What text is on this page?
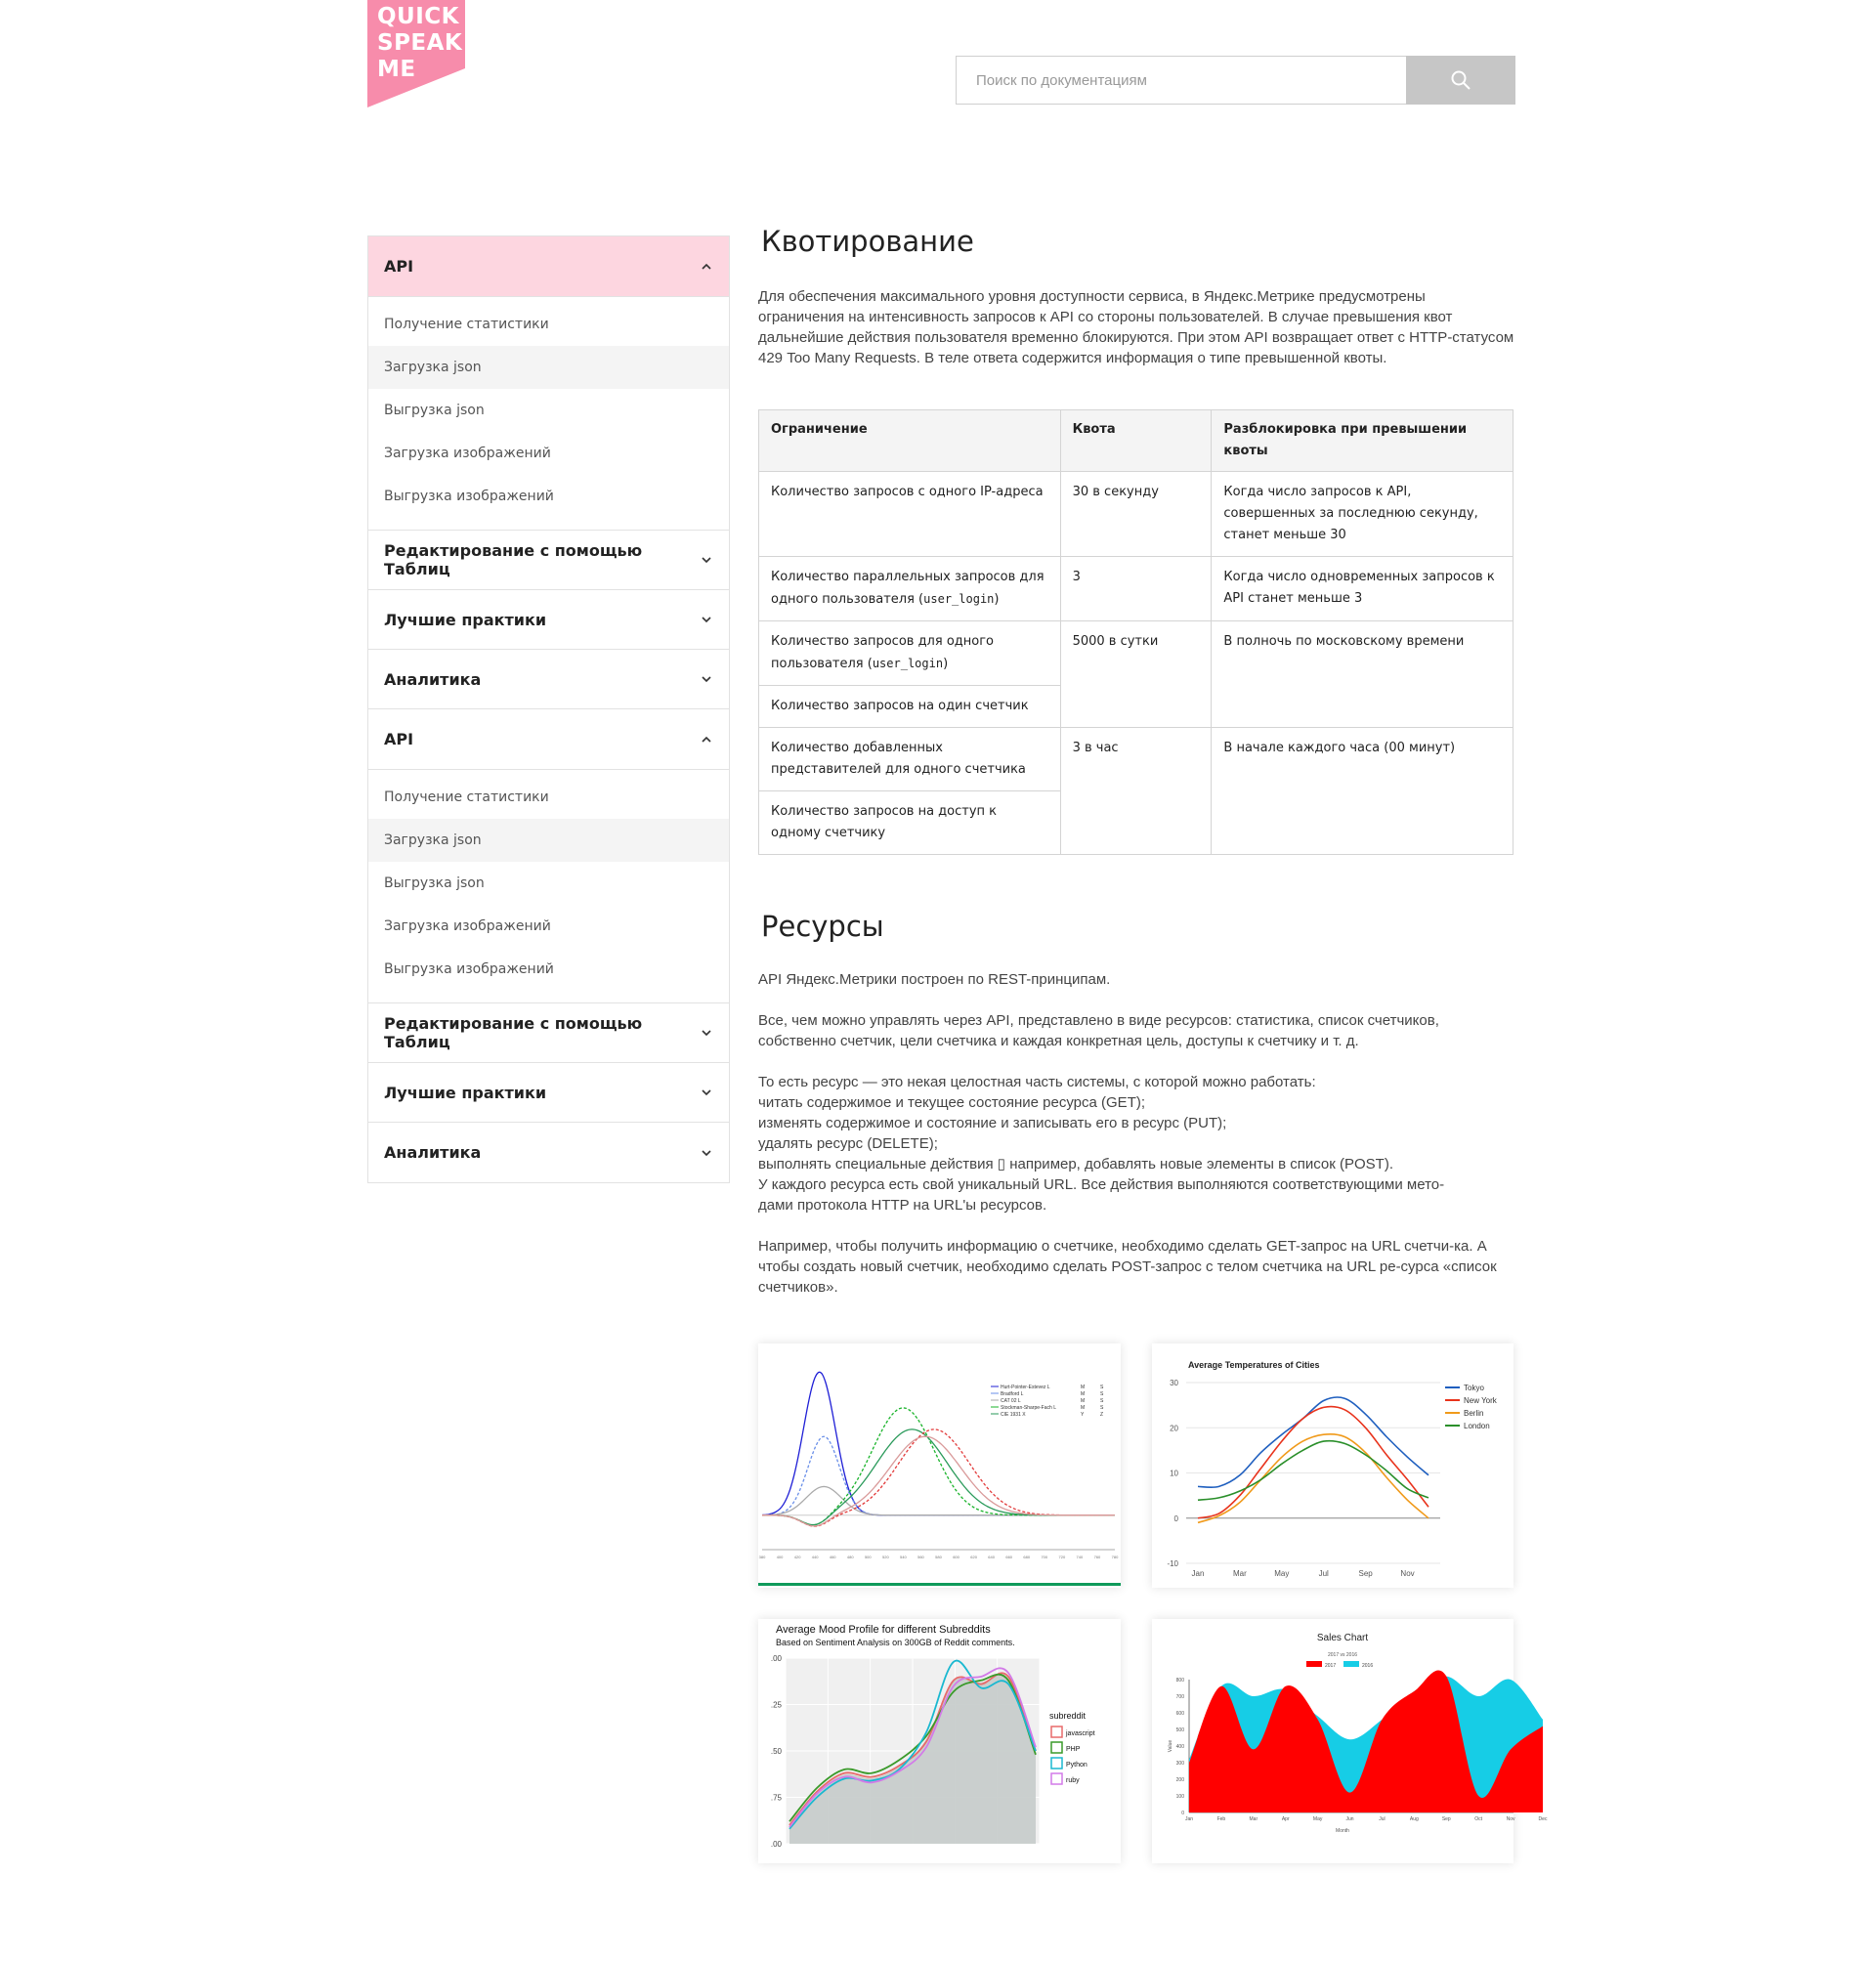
QUICK
SPEAK
ME
Поиск по документациям
API
Получение статистики
Загрузка json
Выгрузка json
Загрузка изображений
Выгрузка изображений
Редактирование с помощью Таблиц
Лучшие практики
Аналитика
API
Получение статистики
Загрузка json
Выгрузка json
Загрузка изображений
Выгрузка изображений
Редактирование с помощью Таблиц
Лучшие практики
Аналитика
Квотирование

Для обеспечения максимального уровня доступности сервиса, в Яндекс.Метрике предусмотрены ограничения на интенсивность запросов к API со стороны пользователей. В случае превышения квот дальнейшие действия пользователя временно блокируются. При этом API возвращает ответ с HTTP-статусом 429 Too Many Requests. В теле ответа содержится информация о типе превышенной квоты.

Ограничение	Квота	Разблокировка при превышении квоты
Количество запросов с одного IP-адреса	30 в секунду	Когда число запросов к API, совершенных за последнюю секунду, станет меньше 30
Количество параллельных запросов для одного пользователя (user_login)	3	Когда число одновременных запросов к API станет меньше 3
Количество запросов для одного пользователя (user_login)	5000 в сутки	В полночь по московскому времени
Количество запросов на один счетчик		
Количество добавленных представителей для одного счетчика	3 в час	В начале каждого часа (00 минут)
Количество запросов на доступ к одному счетчику		
Ресурсы

API Яндекс.Метрики построен по REST-принципам.

Все, чем можно управлять через API, представлено в виде ресурсов: статистика, список счетчиков, собственно счетчик, цели счетчика и каждая конкретная цель, доступы к счетчику и т. д.

То есть ресурс — это некая целостная часть системы, с которой можно работать:
читать содержимое и текущее состояние ресурса (GET);
изменять содержимое и состояние и записывать его в ресурс (PUT);
удалять ресурс (DELETE);
выполнять специальные действия ▯ например, добавлять новые элементы в список (POST).
У каждого ресурса есть свой уникальный URL. Все действия выполняются соответствующими мето-
дами протокола HTTP на URL'ы ресурсов.

Например, чтобы получить информацию о счетчике, необходимо сделать GET-запрос на URL счетчи-ка. А чтобы создать новый счетчик, необходимо сделать POST-запрос с телом счетчика на URL ре-сурса «список счетчиков».

380	400	420	440	460	480	500	520	540	560	580	600	620	640	660	680	700	720	740	760	780
Hurt-Pointer-Estevez L	M	S
Bradford L	M	S
CAT 02 L	M	S
Stockman-Sharpe-Fach L	M	S
CIE 1931 X	Y	Z
Average Temperatures of Cities
-10
0
10
20
30
Jan	Mar	May	Jul	Sep	Nov
Tokyo
New York
Berlin
London
Average Mood Profile for different Subreddits
Based on Sentiment Analysis on 300GB of Reddit comments.
.00
.75
.50
.25
.00
subreddit
javascript
PHP
Python
ruby
Sales Chart
2017 vs 2016
2017	2016
0
100
200
300
400
500
600
700
800
Jan	Feb	Mar	Apr	May	Jun	Jul	Aug	Sep	Oct	Nov	Dec
Month
Value
